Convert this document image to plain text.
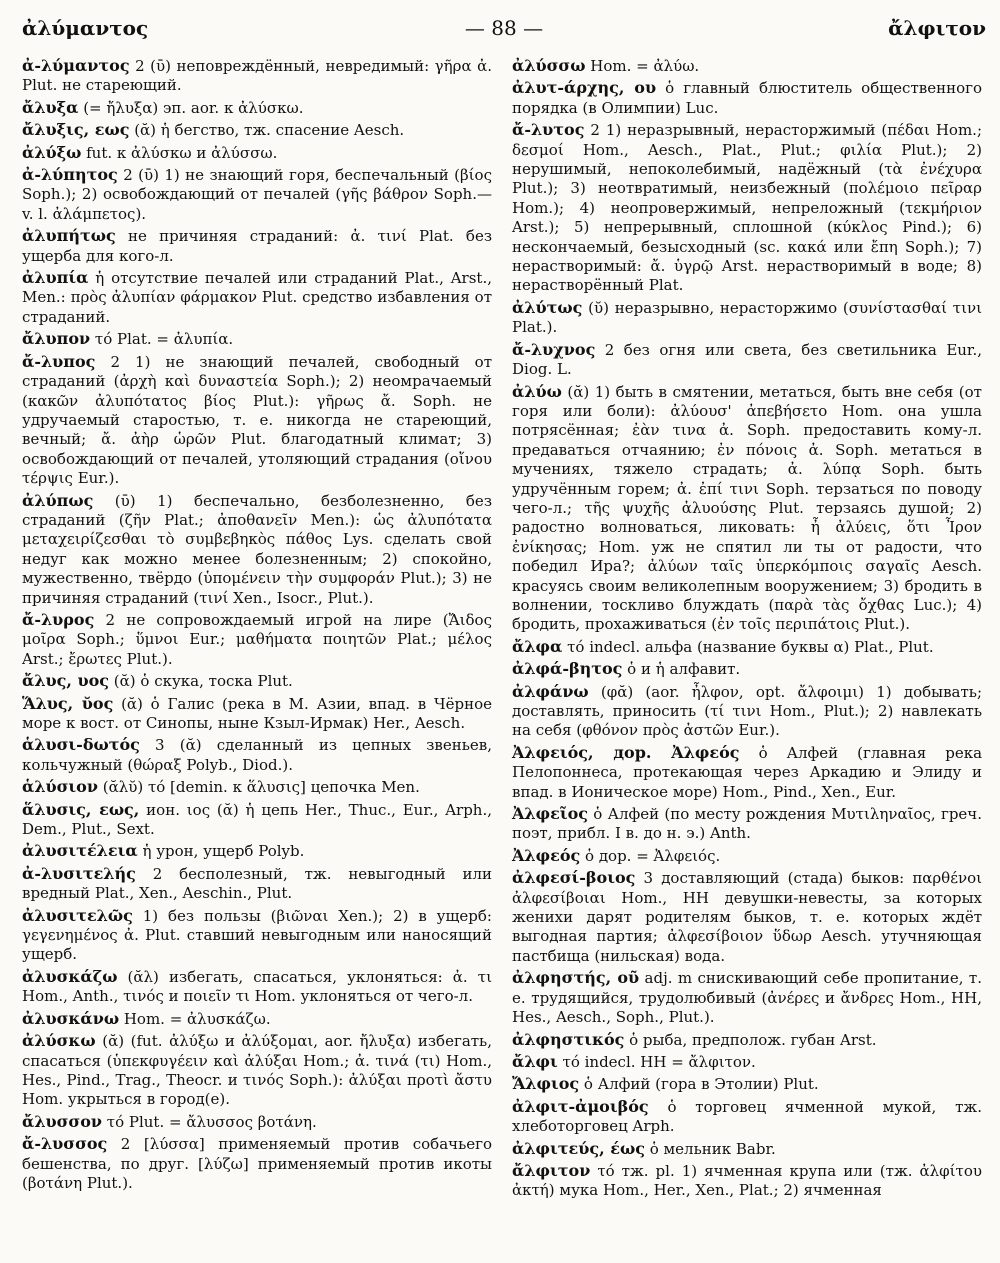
ἀλύμαντος	— 88 —	ἄλφιτον

ἀ-λύμαντος 2 (ῡ) неповреждённый, невредимый: γῆρα ἀ. Plut. не стареющий.

ἄλυξα (= ἤλυξα) эп. aor. к ἀλύσκω.

ἄλυξις, εως (ᾰ) ἡ бегство, тж. спасение Aesch.

ἀλύξω fut. к ἀλύσκω и ἀλύσσω.

ἀ-λύπητος 2 (ῡ) 1) не знающий горя, беспечальный (βίος Soph.); 2) освобождающий от печалей (γῆς βάθρον Soph.—v. l. ἀλάμπετος).

ἀλυπήτως не причиняя страданий: ἀ. τινί Plat. без ущерба для кого-л.

ἀλυπία ἡ отсутствие печалей или страданий Plat., Arst., Men.: πρὸς ἀλυπίαν φάρμακον Plut. средство избавления от страданий.

ἄλυπον τό Plat. = ἀλυπία.

ἄ-λυπος 2 1) не знающий печалей, свободный от страданий (ἀρχὴ καὶ δυναστεία Soph.); 2) неомрачаемый (κακῶν ἀλυπότατος βίος Plut.): γῆρως ἄ. Soph. не удручаемый старостью, т. е. никогда не стареющий, вечный; ἄ. ἀὴρ ὡρῶν Plut. благодатный климат; 3) освобождающий от печалей, утоляющий страдания (οἴνου τέρψις Eur.).

ἀλύπως (ῡ) 1) беспечально, безболезненно, без страданий (ζῆν Plat.; ἀποθανεῖν Men.): ὡς ἀλυπότατα μεταχειρίζεσθαι τὸ συμβεβηκὸς πάθος Lys. сделать свой недуг как можно менее болезненным; 2) спокойно, мужественно, твёрдо (ὑπομένειν τὴν συμφοράν Plut.); 3) не причиняя страданий (τινί Xen., Isocr., Plut.).

ἄ-λυρος 2 не сопровождаемый игрой на лире (Ἄιδος μοῖρα Soph.; ὕμνοι Eur.; μαθήματα ποιητῶν Plat.; μέλος Arst.; ἔρωτες Plut.).

ἄλυς, υος (ᾰ) ὁ скука, тоска Plut.

Ἅλυς, ῠος (ᾰ) ὁ Галис (река в М. Азии, впад. в Чёрное море к вост. от Синопы, ныне Кзыл-Ирмак) Her., Aesch.

ἁλυσι-δωτός 3 (ᾰ) сделанный из цепных звеньев, кольчужный (θώραξ Polyb., Diod.).

ἁλύσιον (ᾰλῠ) τό [demin. к ἅλυσις] цепочка Men.

ἅλυσις, εως, ион. ιος (ᾰ) ἡ цепь Her., Thuc., Eur., Arph., Dem., Plut., Sext.

ἀλυσιτέλεια ἡ урон, ущерб Polyb.

ἀ-λυσιτελής 2 бесполезный, тж. невыгодный или вредный Plat., Xen., Aeschin., Plut.

ἀλυσιτελῶς 1) без пользы (βιῶναι Xen.); 2) в ущерб: γεγενημένος ἀ. Plut. ставший невыгодным или наносящий ущерб.

ἀλυσκάζω (ᾰλ) избегать, спасаться, уклоняться: ἀ. τι Hom., Anth., τινός и ποιεῖν τι Hom. уклоняться от чего-л.

ἀλυσκάνω Hom. = ἀλυσκάζω.

ἀλύσκω (ᾰ) (fut. ἀλύξω и ἀλύξομαι, aor. ἤλυξα) избегать, спасаться (ὑπεκφυγέειν καὶ ἀλύξαι Hom.; ἀ. τινά (τι) Hom., Hes., Pind., Trag., Theocr. и τινός Soph.): ἀλύξαι προτὶ ἄστυ Hom. укрыться в город(е).

ἄλυσσον τό Plut. = ἄλυσσος βοτάνη.

ἄ-λυσσος 2 [λύσσα] применяемый против собачьего бешенства, по друг. [λύζω] применяемый против икоты (βοτάνη Plut.).

ἀλύσσω Hom. = ἀλύω.

ἀλυτ-άρχης, ου ὁ главный блюститель общественного порядка (в Олимпии) Luc.

ἄ-λυτος 2 1) неразрывный, нерасторжимый (πέδαι Hom.; δεσμοί Hom., Aesch., Plat., Plut.; φιλία Plut.); 2) нерушимый, непоколебимый, надёжный (τὰ ἐνέχυρα Plut.); 3) неотвратимый, неизбежный (πολέμοιο πεῖραρ Hom.); 4) неопровержимый, непреложный (τεκμήριον Arst.); 5) непрерывный, сплошной (κύκλος Pind.); 6) нескончаемый, безысходный (sc. κακά или ἔπη Soph.); 7) нерастворимый: ἄ. ὑγρῷ Arst. нерастворимый в воде; 8) нерастворённый Plat.

ἀλύτως (ῠ) неразрывно, нерасторжимо (συνίστασθαί τινι Plat.).

ἄ-λυχνος 2 без огня или света, без светильника Eur., Diog. L.

ἀλύω (ᾰ) 1) быть в смятении, метаться, быть вне себя (от горя или боли): ἀλύουσ' ἀπεβήσετο Hom. она ушла потрясённая; ἐὰν τινα ἀ. Soph. предоставить кому-л. предаваться отчаянию; ἐν πόνοις ἀ. Soph. метаться в мучениях, тяжело страдать; ἀ. λύπᾳ Soph. быть удручённым горем; ἀ. ἐπί τινι Soph. терзаться по поводу чего-л.; τῆς ψυχῆς ἀλυούσης Plut. терзаясь душой; 2) радостно волноваться, ликовать: ἦ ἀλύεις, ὅτι Ἶρον ἐνίκησας; Hom. уж не спятил ли ты от радости, что победил Ира?; ἀλύων ταῖς ὑπερκόμποις σαγαῖς Aesch. красуясь своим великолепным вооружением; 3) бродить в волнении, тоскливо блуждать (παρὰ τὰς ὄχθας Luc.); 4) бродить, прохаживаться (ἐν τοῖς περιπάτοις Plut.).

ἄλφα τό indecl. альфа (название буквы α) Plat., Plut.

ἀλφά-βητος ὁ и ἡ алфавит.

ἀλφάνω (φᾰ) (aor. ἦλφον, opt. ἄλφοιμι) 1) добывать; доставлять, приносить (τί τινι Hom., Plut.); 2) навлекать на себя (φθόνον πρὸς ἀστῶν Eur.).

Ἀλφειός, дор. Ἀλφεός ὁ Алфей (главная река Пелопоннеса, протекающая через Аркадию и Элиду и впад. в Ионическое море) Hom., Pind., Xen., Eur.

Ἀλφεῖος ὁ Алфей (по месту рождения Μυτιληναῖος, греч. поэт, прибл. I в. до н. э.) Anth.

Ἀλφεός ὁ дор. = Ἀλφειός.

ἀλφεσί-βοιος 3 доставляющий (стада) быков: παρθένοι ἀλφεσίβοιαι Hom., HH девушки-невесты, за которых женихи дарят родителям быков, т. е. которых ждёт выгодная партия; ἀλφεσίβοιον ὕδωρ Aesch. утучняющая пастбища (нильская) вода.

ἀλφηστής, οῦ adj. m снискивающий себе пропитание, т. е. трудящийся, трудолюбивый (ἀνέρες и ἄνδρες Hom., HH, Hes., Aesch., Soph., Plut.).

ἀλφηστικός ὁ рыба, предполож. губан Arst.

ἄλφι τό indecl. HH = ἄλφιτον.

Ἄλφιος ὁ Алфий (гора в Этолии) Plut.

ἀλφιτ-ἀμοιβός ὁ торговец ячменной мукой, тж. хлеботорговец Arph.

ἀλφιτεύς, έως ὁ мельник Babr.

ἄλφιτον τό тж. pl. 1) ячменная крупа или (тж. ἀλφίτου ἀκτή) мука Hom., Her., Xen., Plat.; 2) ячменная
